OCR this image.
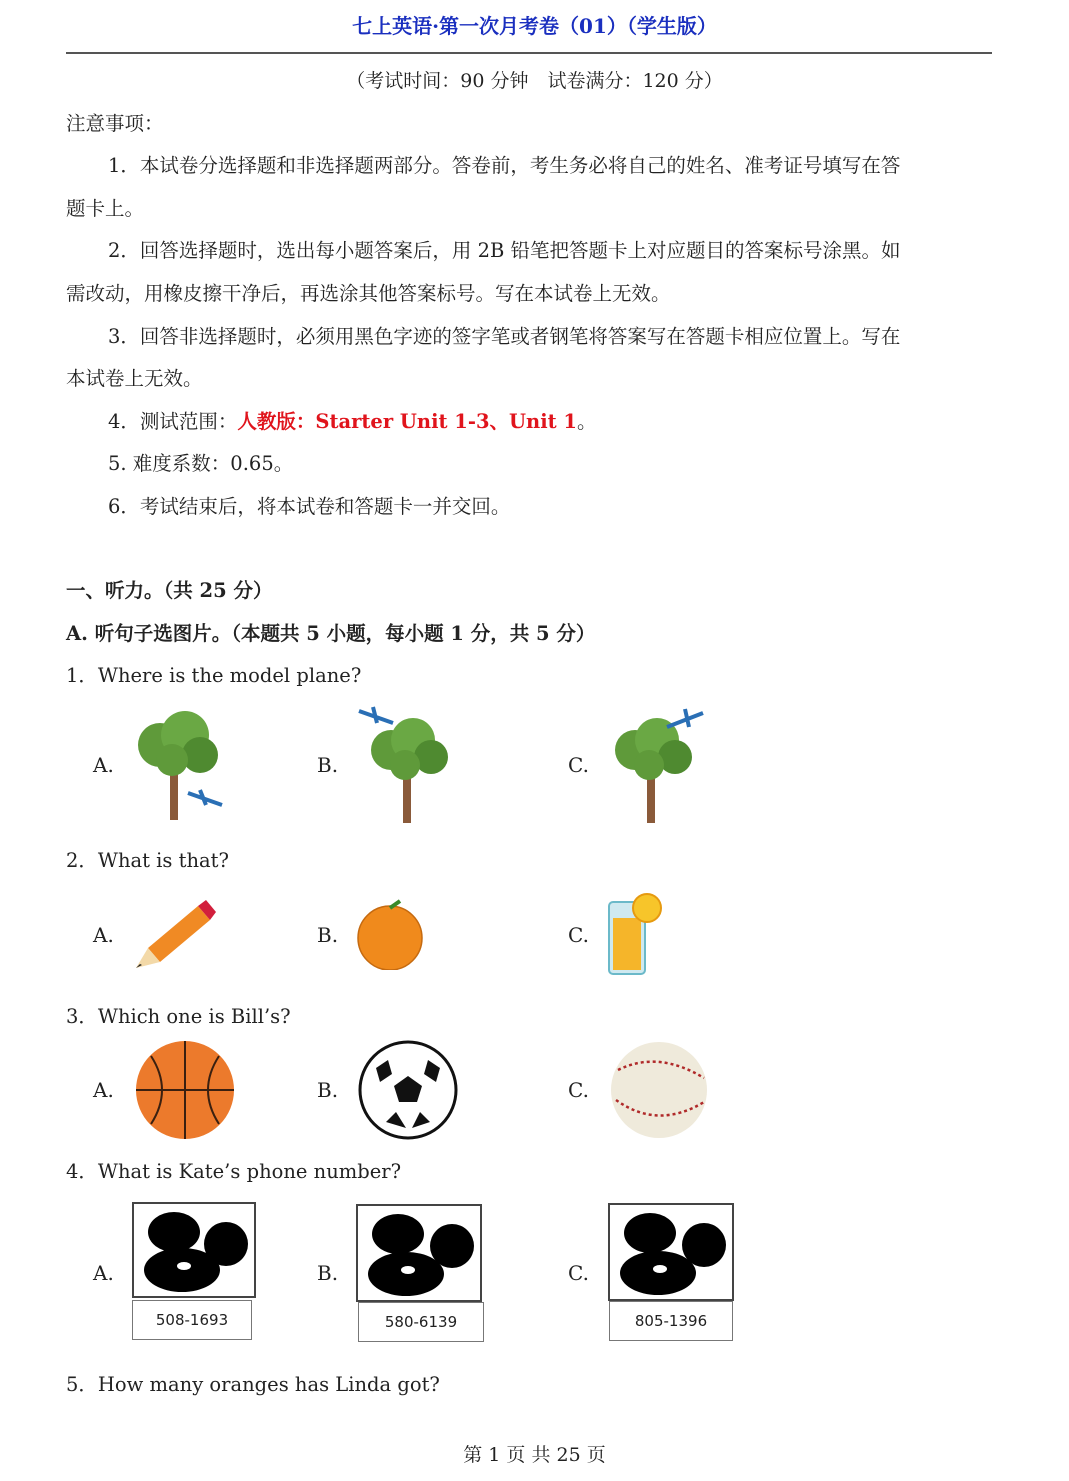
七上英语·第一次月考卷（01）（学生版）
（考试时间：90 分钟　试卷满分：120 分）
注意事项：
1．本试卷分选择题和非选择题两部分。答卷前，考生务必将自己的姓名、准考证号填写在答
题卡上。
2．回答选择题时，选出每小题答案后，用 2B 铅笔把答题卡上对应题目的答案标号涂黑。如
需改动，用橡皮擦干净后，再选涂其他答案标号。写在本试卷上无效。
3．回答非选择题时，必须用黑色字迹的签字笔或者钢笔将答案写在答题卡相应位置上。写在
本试卷上无效。
4．测试范围：人教版：Starter Unit 1-3、Unit 1。
5. 难度系数：0.65。
6．考试结束后，将本试卷和答题卡一并交回。
一、听力。（共 25 分）
A. 听句子选图片。（本题共 5 小题，每小题 1 分，共 5 分）
1．Where is the model plane?
A.	B.	C.
2．What is that?
A.	B.	C.
3．Which one is Bill’s?
A.	B.	C.
4．What is Kate’s phone number?
A.	B.	C.
508-1693	580-6139	805-1396
5．How many oranges has Linda got?
第 1 页 共 25 页
